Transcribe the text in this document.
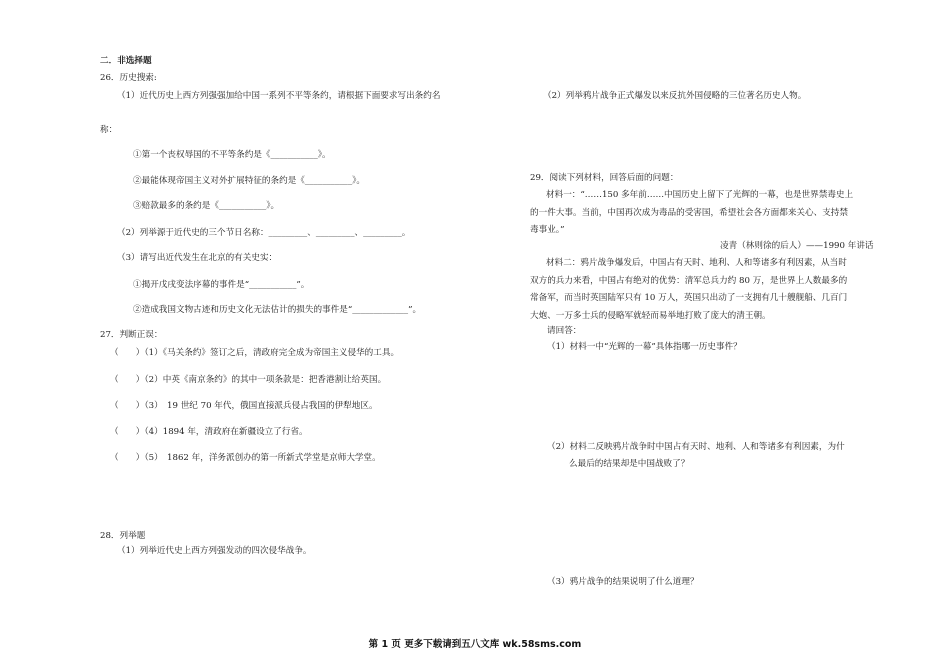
二．非选择题
26．历史搜索:
（1）近代历史上西方列强强加给中国一系列不平等条约，请根据下面要求写出条约名
称：
①第一个丧权辱国的不平等条约是《___________》。
②最能体现帝国主义对外扩展特征的条约是《___________》。
③赔款最多的条约是《___________》。
（2）列举源于近代史的三个节日名称：_________、_________、_________。
（3）请写出近代发生在北京的有关史实：
①揭开戊戌变法序幕的事件是“___________”。
②造成我国文物古迹和历史文化无法估计的损失的事件是“_____________”。
27．判断正误：
（　　）（1）《马关条约》签订之后，清政府完全成为帝国主义侵华的工具。
（　　）（2）中英《南京条约》的其中一项条款是：把香港割让给英国。
（　　）（3）　19 世纪 70 年代，俄国直接派兵侵占我国的伊犁地区。
（　　）（4）1894 年，清政府在新疆设立了行省。
（　　）（5）　1862 年，洋务派创办的第一所新式学堂是京师大学堂。
28．列举题
（1）列举近代史上西方列强发动的四次侵华战争。
（2）列举鸦片战争正式爆发以来反抗外国侵略的三位著名历史人物。
29．阅读下列材料，回答后面的问题：
材料一：“……150 多年前……中国历史上留下了光辉的一幕，也是世界禁毒史上的一件大事。当前，中国再次成为毒品的受害国，希望社会各方面都来关心、支持禁毒事业。”
凌青（林则徐的后人）——1990 年讲话
材料二：鸦片战争爆发后，中国占有天时、地利、人和等诸多有利因素，从当时双方的兵力来看，中国占有绝对的优势：清军总兵力约 80 万，是世界上人数最多的常备军，而当时英国陆军只有 10 万人，英国只出动了一支拥有几十艘舰船、几百门大炮、一万多士兵的侵略军就轻而易举地打败了庞大的清王朝。
请回答：
（1）材料一中“光辉的一幕”具体指哪一历史事件？
（2）材料二反映鸦片战争时中国占有天时、地利、人和等诸多有利因素，为什
么最后的结果却是中国战败了？
（3）鸦片战争的结果说明了什么道理？
第 1 页 更多下载请到五八文库 wk.58sms.com
